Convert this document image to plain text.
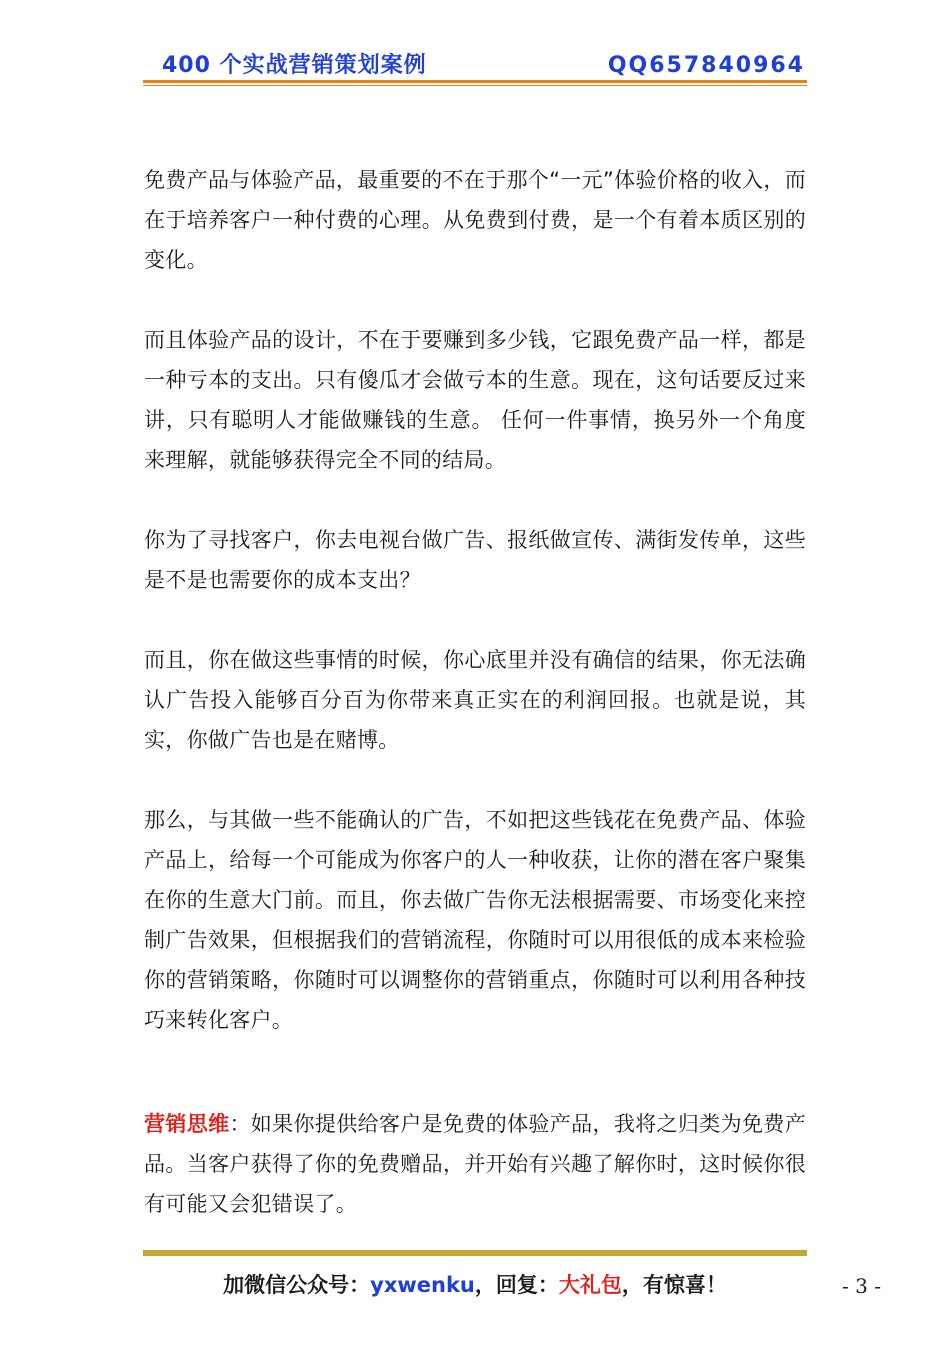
400 个实战营销策划案例	QQ657840964

免费产品与体验产品，最重要的不在于那个“一元”体验价格的收入，而在于培养客户一种付费的心理。从免费到付费，是一个有着本质区别的变化。

而且体验产品的设计，不在于要赚到多少钱，它跟免费产品一样，都是一种亏本的支出。只有傻瓜才会做亏本的生意。现在，这句话要反过来讲，只有聪明人才能做赚钱的生意。 任何一件事情，换另外一个角度来理解，就能够获得完全不同的结局。

你为了寻找客户，你去电视台做广告、报纸做宣传、满街发传单，这些是不是也需要你的成本支出？

而且，你在做这些事情的时候，你心底里并没有确信的结果，你无法确认广告投入能够百分百为你带来真正实在的利润回报。也就是说，其实，你做广告也是在赌博。

那么，与其做一些不能确认的广告，不如把这些钱花在免费产品、体验产品上，给每一个可能成为你客户的人一种收获，让你的潜在客户聚集在你的生意大门前。而且，你去做广告你无法根据需要、市场变化来控制广告效果，但根据我们的营销流程，你随时可以用很低的成本来检验你的营销策略，你随时可以调整你的营销重点，你随时可以利用各种技巧来转化客户。

营销思维：如果你提供给客户是免费的体验产品，我将之归类为免费产品。当客户获得了你的免费赠品，并开始有兴趣了解你时，这时候你很有可能又会犯错误了。

加微信公众号：yxwenku，回复：大礼包，有惊喜！	- 3 -
